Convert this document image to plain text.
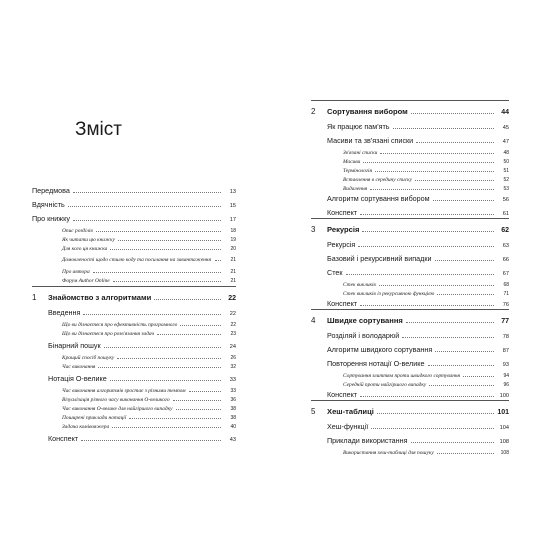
Зміст
Передмова	13
Вдячність	15
Про книжку	17
Опис розділів	18
Як читати цю книжку	19
Для кого ця книжка	20
Домовленості щодо стилю коду та посилання на завантаження	21
Про автора	21
Форум Author Online	21
1	Знайомство з алгоритмами	22
Введення	22
Що ви дізнаєтеся про ефективність програмного	22
Що ви дізнаєтеся про розв'язання задач	23
Бінарний пошук	24
Кращий спосіб пошуку	26
Час виконання	32
Нотація О-велике	33
Час виконання алгоритмів зростає з різними темпом	33
Візуалізація різного часу виконання О-великого	36
Час виконання О-велике для найгіршого випадку	38
Поширені приклади нотації	38
Задача комівояжера	40
Конспект	43
2	Сортування вибором	44
Як працює пам'ять	45
Масиви та зв'язані списки	47
Зв'язані списки	48
Масиви	50
Термінологія	51
Вставлення в середину списку	52
Видалення	53
Алгоритм сортування вибором	56
Конспект	61
3	Рекурсія	62
Рекурсія	63
Базовий і рекурсивний випадки	66
Стек	67
Стек викликів	68
Стек викликів із рекурсивною функцією	71
Конспект	76
4	Швидке сортування	77
Розділяй і володарюй	78
Алгоритм швидкого сортування	87
Повторення нотації О-велике	93
Сортування злиттям проти швидкого сортування	94
Середній проти найгіршого випадку	96
Конспект	100
5	Хеш-таблиці	101
Хеш-функції	104
Приклади використання	108
Використання хеш-таблиці для пошуку	108
